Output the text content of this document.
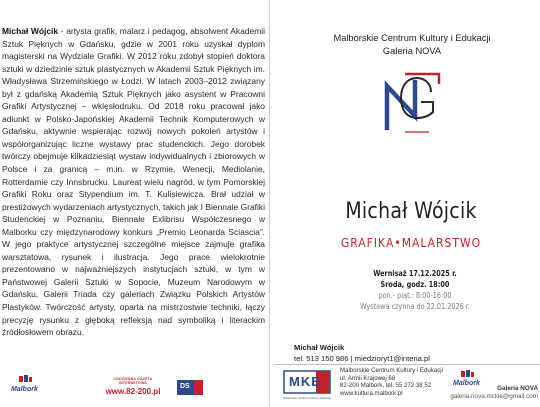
Michał Wójcik - artysta grafik, malarz i pedagog, absolwent Akademii Sztuk Pięknych w Gdańsku, gdzie w 2001 roku uzyskał dyplom magisterski na Wydziale Grafiki. W 2012 roku zdobył stopień doktora sztuki w dziedzinie sztuk plastycznych w Akademii Sztuk Pięknych im. Władysława Strzemińskiego w Łodzi. W latach 2003–2012 związany był z gdańską Akademią Sztuk Pięknych jako asystent w Pracowni Grafiki Artystycznej – wklęsłodruku. Od 2018 roku pracował jako adiunkt w Polsko-Japońskiej Akademii Technik Komputerowych w Gdańsku, aktywnie wspierając rozwój nowych pokoleń artystów i współorganizując liczne wystawy prac studenckich. Jego dorobek twórczy obejmuje kilkadziesiąt wystaw indywidualnych i zbiorowych w Polsce i za granicą – m.in. w Rzymie, Wenecji, Mediolanie, Rotterdamie czy Innsbrucku. Laureat wielu nagród, w tym Pomorskiej Grafiki Roku oraz Stypendium im. T. Kulisiewicza. Brał udział w prestiżowych wydarzeniach artystycznych, takich jak I Biennale Grafiki Studenckiej w Poznaniu, Biennale Exlibrisu Współczesnego w Malborku czy międzynarodowy konkurs „Premio Leonarda Sciascia”. W jego praktyce artystycznej szczególne miejsce zajmuje grafika warsztatowa, rysunek i ilustracja. Jego prace wielokrotnie prezentowano w najważniejszych instytucjach sztuki, w tym w Państwowej Galerii Sztuki w Sopocie, Muzeum Narodowym w Gdańsku, Galerii Triada czy galeriach Związku Polskich Artystów Plastyków. Twórczość artysty, oparta na mistrzostwie techniki, łączy precyzję rysunku z głęboką refleksją nad symboliką i literackim źródłosłowem obrazu.
Malbork
CODZIENNA GAZETA INTERNETOWA
www.82-200.pl
DS
Malborskie Centrum Kultury i Edukacji
Galeria NOVA
Michał Wójcik
GRAFIKA•MALARSTWO
Wernisaż 17.12.2025 r.
Środa, godz. 18:00
pon.- piąt.: 8:00-16:00
Wystawa czynna do 22.01.2026 r.
Michał Wójcik
tel. 513 150 986 | miedzioryt1@interia.pl
MKE
Malborskie Centrum Kultury i Edukacji
Malborskie Centrum Kultury i Edukacji
ul. Armii Krajowej 68
82-200 Malbork, tel. 55 272 38 52
www.kultura.malbork.pl
Malbork
Galeria NOVA
galeria.nova.mckie@gmail.com
